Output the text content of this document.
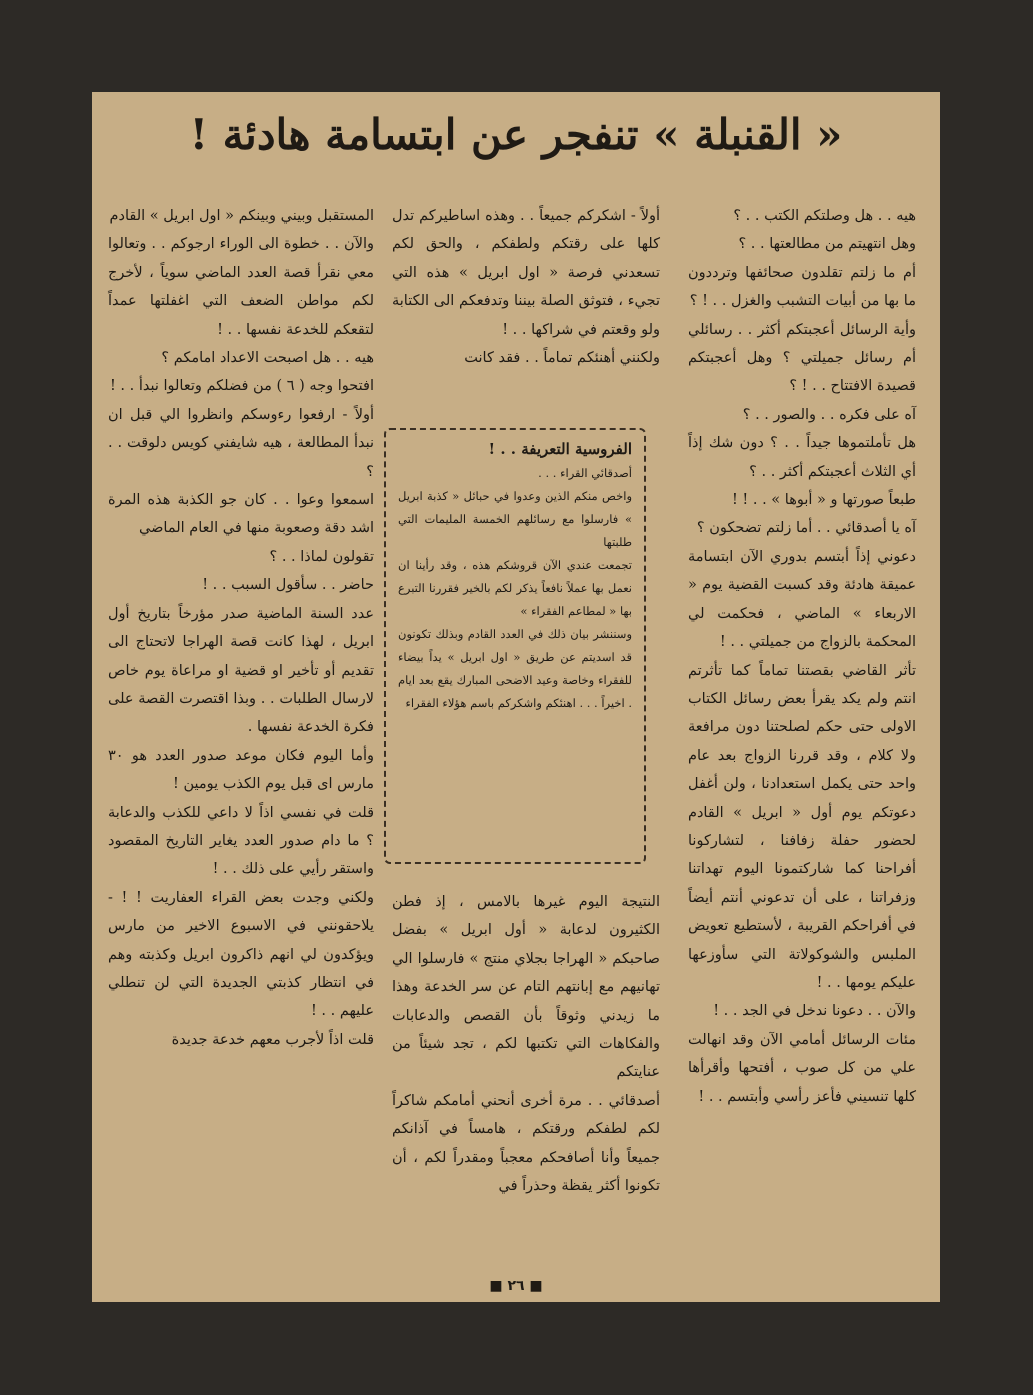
« القنبلة » تنفجر عن ابتسامة هادئة !

هيه . . هل وصلتكم الكتب . . ؟

وهل انتهيتم من مطالعتها . . ؟

أم ما زلتم تقلدون صحائفها وترددون ما بها من أبيات التشبب والغزل . . ! ؟

وأية الرسائل أعجبتكم أكثر . . رسائلي أم رسائل جميلتي ؟ وهل أعجبتكم قصيدة الافتتاح . . ! ؟

آه على فكره . . والصور . . ؟

هل تأملتموها جيداً . . ؟ دون شك إذاً أي الثلاث أعجبتكم أكثر . . ؟

طبعاً صورتها و « أبوها » . . ! !

آه يا أصدقائي . . أما زلتم تضحكون ؟

دعوني إذاً أبتسم بدوري الآن ابتسامة عميقة هادئة وقد كسبت القضية يوم « الاربعاء » الماضي ، فحكمت لي المحكمة بالزواج من جميلتي . . !

تأثر القاضي بقصتنا تماماً كما تأثرتم انتم ولم يكد يقرأ بعض رسائل الكتاب الاولى حتى حكم لصلحتنا دون مرافعة ولا كلام ، وقد قررنا الزواج بعد عام واحد حتى يكمل استعدادنا ، ولن أغفل دعوتكم يوم أول « ابريل » القادم لحضور حفلة زفافنا ، لتشاركونا أفراحنا كما شاركتمونا اليوم تهداتنا وزفراتنا ، على أن تدعوني أنتم أيضاً في أفراحكم القريبة ، لأستطيع تعويض الملبس والشوكولاتة التي سأوزعها عليكم يومها . . !

والآن . . دعونا ندخل في الجد . . !

مئات الرسائل أمامي الآن وقد انهالت علي من كل صوب ، أفتحها وأقرأها كلها تنسيني فأعز رأسي وأبتسم . . !

أولاً - اشكركم جميعاً . . وهذه اساطيركم تدل كلها على رقتكم ولطفكم ، والحق لكم تسعدني فرصة « اول ابريل » هذه التي تجيء ، فتوثق الصلة بيننا وتدفعكم الى الكتابة ولو وقعتم في شراكها . . !

ولكنني أهنئكم تماماً . . فقد كانت

الفروسية التعريفة . . !

أصدقائي القراء . . .

واخص منكم الذين وعدوا في حبائل « كذبة ابريل » فارسلوا مع رسائلهم الخمسة المليمات التي طلبتها

تجمعت عندي الآن قروشكم هذه ، وقد رأينا ان نعمل بها عملاً نافعاً يذكر لكم بالخير فقررنا التبرع بها « لمطاعم الفقراء »

وسننشر بيان ذلك في العدد القادم وبذلك تكونون قد اسديتم عن طريق « اول ابريل » يداً بيضاء للفقراء وخاصة وعيد الاضحى المبارك يقع بعد ايام . اخيراً . . . اهنئكم واشكركم باسم هؤلاء الفقراء

النتيجة اليوم غيرها بالامس ، إذ فطن الكثيرون لدعابة « أول ابريل » بفضل صاحبكم « الهراجا بجلاي منتج » فارسلوا الي تهانيهم مع إبانتهم التام عن سر الخدعة وهذا ما زيدني وثوقاً بأن القصص والدعابات والفكاهات التي تكتبها لكم ، تجد شيئاً من عنايتكم

أصدقائي . . مرة أخرى أنحني أمامكم شاكراً لكم لطفكم ورقتكم ، هامساً في آذانكم جميعاً وأنا أصافحكم معجباً ومقدراً لكم ، أن تكونوا أكثر يقظة وحذراً في

المستقبل وبيني وبينكم « اول ابريل » القادم

والآن . . خطوة الى الوراء ارجوكم . . وتعالوا معي نقرأ قصة العدد الماضي سوياً ، لأخرج لكم مواطن الضعف التي اغفلتها عمداً لتقعكم للخدعة نفسها . . !

هيه . . هل اصبحت الاعداد امامكم ؟

افتحوا وجه ( ٦ ) من فضلكم وتعالوا نبدأ . . !

أولاً - ارفعوا رءوسكم وانظروا الي قبل ان نبدأ المطالعة ، هيه شايفني كويس دلوقت . . ؟

اسمعوا وعوا . . كان جو الكذبة هذه المرة اشد دقة وصعوبة منها في العام الماضي

تقولون لماذا . . ؟

حاضر . . سأقول السبب . . !

عدد السنة الماضية صدر مؤرخاً بتاريخ أول ابريل ، لهذا كانت قصة الهراجا لاتحتاج الى تقديم أو تأخير او قضية او مراعاة يوم خاص لارسال الطلبات . . وبذا اقتصرت القصة على فكرة الخدعة نفسها .

وأما اليوم فكان موعد صدور العدد هو ٣٠ مارس اى قبل يوم الكذب يومين !

قلت في نفسي اذاً لا داعي للكذب والدعابة ؟ ما دام صدور العدد يغاير التاريخ المقصود واستقر رأيي على ذلك . . !

ولكني وجدت بعض القراء العفاريت ! ! - يلاحقونني في الاسبوع الاخير من مارس ويؤكدون لي انهم ذاكرون ابريل وكذبته وهم في انتظار كذبتي الجديدة التي لن تنطلي عليهم . . !

قلت اذاً لأجرب معهم خدعة جديدة

■ ٢٦ ■
